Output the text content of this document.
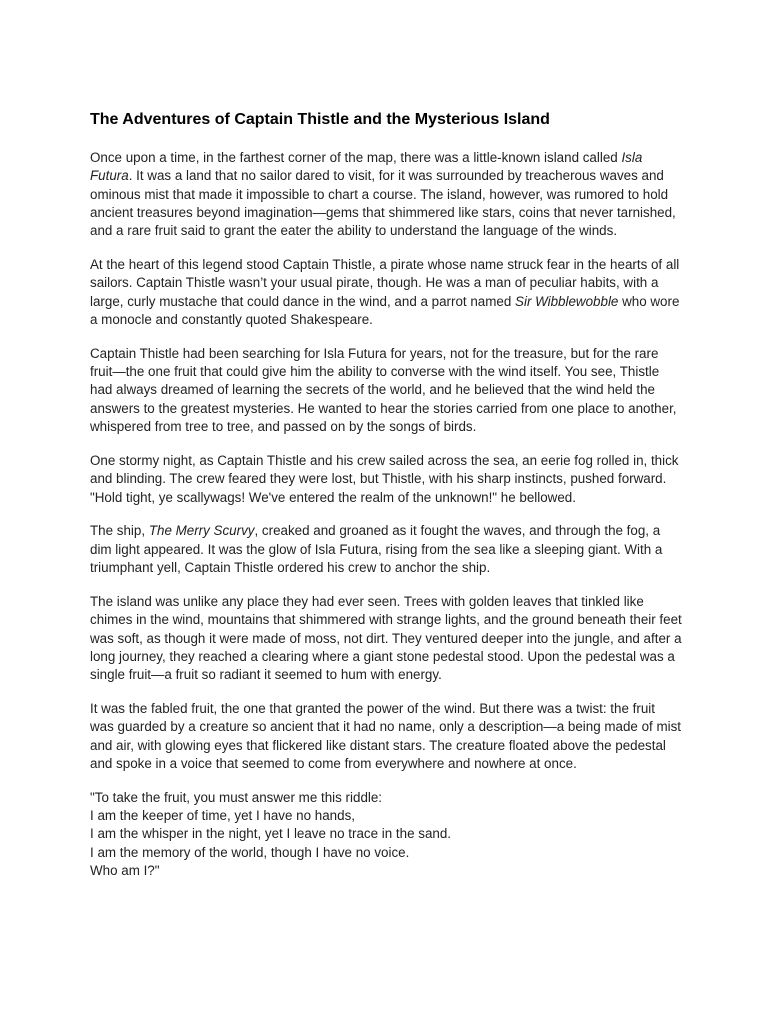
The Adventures of Captain Thistle and the Mysterious Island

Once upon a time, in the farthest corner of the map, there was a little-known island called Isla Futura. It was a land that no sailor dared to visit, for it was surrounded by treacherous waves and ominous mist that made it impossible to chart a course. The island, however, was rumored to hold ancient treasures beyond imagination—gems that shimmered like stars, coins that never tarnished, and a rare fruit said to grant the eater the ability to understand the language of the winds.

At the heart of this legend stood Captain Thistle, a pirate whose name struck fear in the hearts of all sailors. Captain Thistle wasn’t your usual pirate, though. He was a man of peculiar habits, with a large, curly mustache that could dance in the wind, and a parrot named Sir Wibblewobble who wore a monocle and constantly quoted Shakespeare.

Captain Thistle had been searching for Isla Futura for years, not for the treasure, but for the rare fruit—the one fruit that could give him the ability to converse with the wind itself. You see, Thistle had always dreamed of learning the secrets of the world, and he believed that the wind held the answers to the greatest mysteries. He wanted to hear the stories carried from one place to another, whispered from tree to tree, and passed on by the songs of birds.

One stormy night, as Captain Thistle and his crew sailed across the sea, an eerie fog rolled in, thick and blinding. The crew feared they were lost, but Thistle, with his sharp instincts, pushed forward. "Hold tight, ye scallywags! We've entered the realm of the unknown!" he bellowed.

The ship, The Merry Scurvy, creaked and groaned as it fought the waves, and through the fog, a dim light appeared. It was the glow of Isla Futura, rising from the sea like a sleeping giant. With a triumphant yell, Captain Thistle ordered his crew to anchor the ship.

The island was unlike any place they had ever seen. Trees with golden leaves that tinkled like chimes in the wind, mountains that shimmered with strange lights, and the ground beneath their feet was soft, as though it were made of moss, not dirt. They ventured deeper into the jungle, and after a long journey, they reached a clearing where a giant stone pedestal stood. Upon the pedestal was a single fruit—a fruit so radiant it seemed to hum with energy.

It was the fabled fruit, the one that granted the power of the wind. But there was a twist: the fruit was guarded by a creature so ancient that it had no name, only a description—a being made of mist and air, with glowing eyes that flickered like distant stars. The creature floated above the pedestal and spoke in a voice that seemed to come from everywhere and nowhere at once.

"To take the fruit, you must answer me this riddle:
I am the keeper of time, yet I have no hands,
I am the whisper in the night, yet I leave no trace in the sand.
I am the memory of the world, though I have no voice.
Who am I?"
